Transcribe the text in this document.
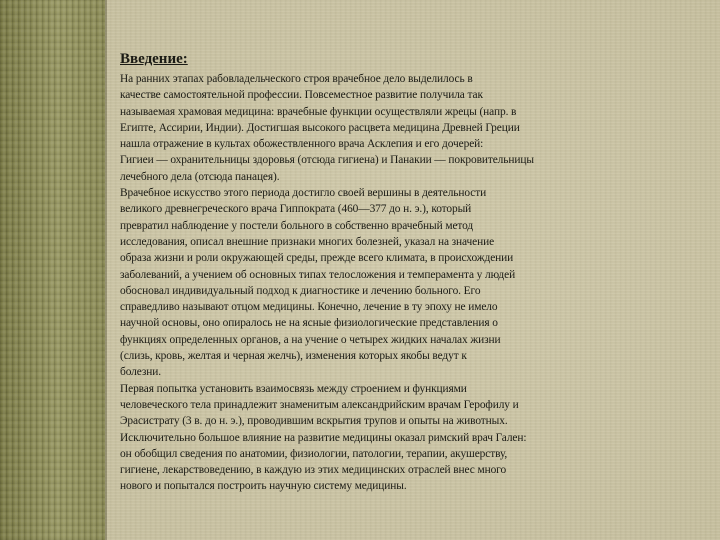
Введение:
На ранних этапах рабовладельческого строя врачебное дело выделилось в
качестве самостоятельной профессии. Повсеместное развитие получила так
называемая храмовая медицина: врачебные функции осуществляли жрецы (напр. в
Египте, Ассирии, Индии). Достигшая высокого расцвета медицина Древней Греции
нашла отражение в культах обожествленного врача Асклепия и его дочерей:
Гигиеи — охранительницы здоровья (отсюда гигиена) и Панакии — покровительницы
лечебного дела (отсюда панацея).
Врачебное искусство этого периода достигло своей вершины в деятельности
великого древнегреческого врача Гиппократа (460—377 до н. э.), который
превратил наблюдение у постели больного в собственно врачебный метод
исследования, описал внешние признаки многих болезней, указал на значение
образа жизни и роли окружающей среды, прежде всего климата, в происхождении
заболеваний, а учением об основных типах телосложения и темперамента у людей
обосновал индивидуальный подход к диагностике и лечению больного. Его
справедливо называют отцом медицины. Конечно, лечение в ту эпоху не имело
научной основы, оно опиралось не на ясные физиологические представления о
функциях определенных органов, а на учение о четырех жидких началах жизни
(слизь, кровь, желтая и черная желчь), изменения которых якобы ведут к
болезни.
Первая попытка установить взаимосвязь между строением и функциями
человеческого тела принадлежит знаменитым александрийским врачам Герофилу и
Эрасистрату (3 в. до н. э.), проводившим вскрытия трупов и опыты на животных.
Исключительно большое влияние на развитие медицины оказал римский врач Гален:
он обобщил сведения по анатомии, физиологии, патологии, терапии, акушерству,
гигиене, лекарствоведению, в каждую из этих медицинских отраслей внес много
нового и попытался построить научную систему медицины.
